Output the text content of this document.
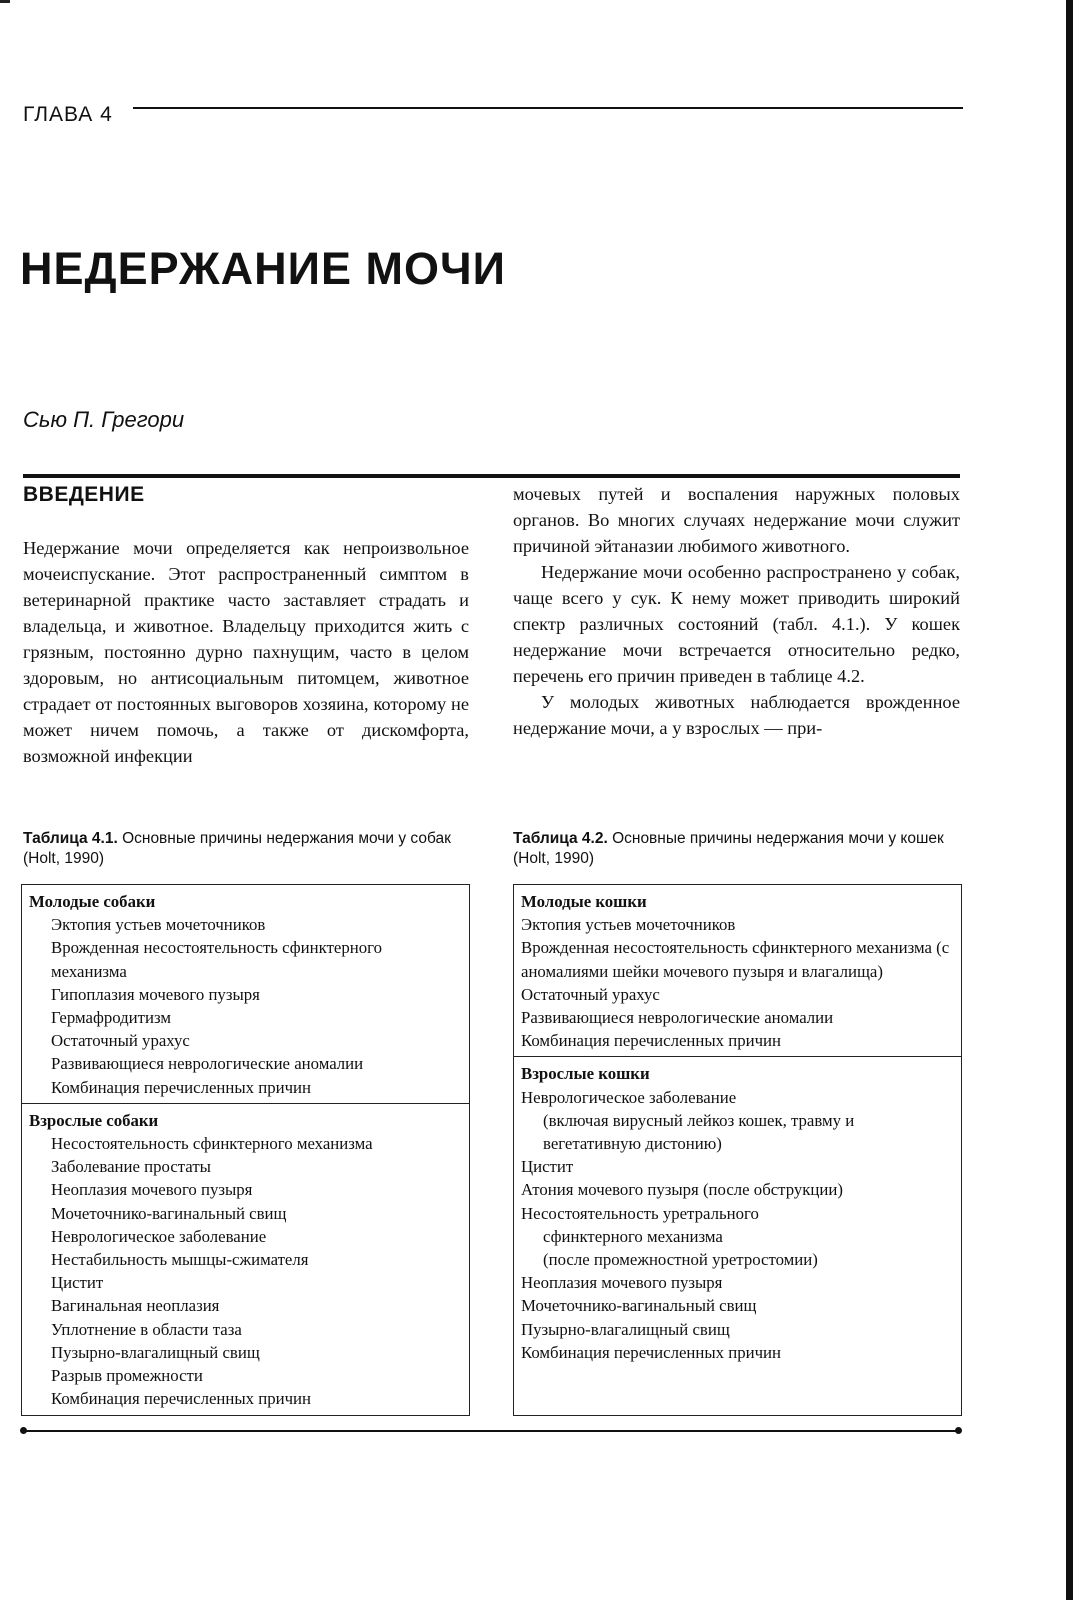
ГЛАВА 4
НЕДЕРЖАНИЕ МОЧИ
Сью П. Грегори
ВВЕДЕНИЕ

Недержание мочи определяется как непроизвольное мочеиспускание. Этот распространенный симптом в ветеринарной практике часто заставляет страдать и владельца, и животное. Владельцу приходится жить с грязным, постоянно дурно пахнущим, часто в целом здоровым, но антисоциальным питомцем, животное страдает от постоянных выговоров хозяина, которому не может ничем помочь, а также от дискомфорта, возможной инфекции

мочевых путей и воспаления наружных половых органов. Во многих случаях недержание мочи служит причиной эйтаназии любимого животного.

Недержание мочи особенно распространено у собак, чаще всего у сук. К нему может приводить широкий спектр различных состояний (табл. 4.1.). У кошек недержание мочи встречается относительно редко, перечень его причин приведен в таблице 4.2.

У молодых животных наблюдается врожденное недержание мочи, а у взрослых — при-

Таблица 4.1. Основные причины недержания мочи у собак (Holt, 1990)
Таблица 4.2. Основные причины недержания мочи у кошек (Holt, 1990)
Молодые собаки
Эктопия устьев мочеточников
Врожденная несостоятельность сфинктерного механизма
Гипоплазия мочевого пузыря
Гермафродитизм
Остаточный урахус
Развивающиеся неврологические аномалии
Комбинация перечисленных причин
Взрослые собаки
Несостоятельность сфинктерного механизма
Заболевание простаты
Неоплазия мочевого пузыря
Мочеточнико-вагинальный свищ
Неврологическое заболевание
Нестабильность мышцы-сжимателя
Цистит
Вагинальная неоплазия
Уплотнение в области таза
Пузырно-влагалищный свищ
Разрыв промежности
Комбинация перечисленных причин
Молодые кошки
Эктопия устьев мочеточников
Врожденная несостоятельность сфинктерного механизма (с аномалиями шейки мочевого пузыря и влагалища)
Остаточный урахус
Развивающиеся неврологические аномалии
Комбинация перечисленных причин
Взрослые кошки
Неврологическое заболевание
(включая вирусный лейкоз кошек, травму и вегетативную дистонию)
Цистит
Атония мочевого пузыря (после обструкции)
Несостоятельность уретрального
сфинктерного механизма
(после промежностной уретростомии)
Неоплазия мочевого пузыря
Мочеточнико-вагинальный свищ
Пузырно-влагалищный свищ
Комбинация перечисленных причин
